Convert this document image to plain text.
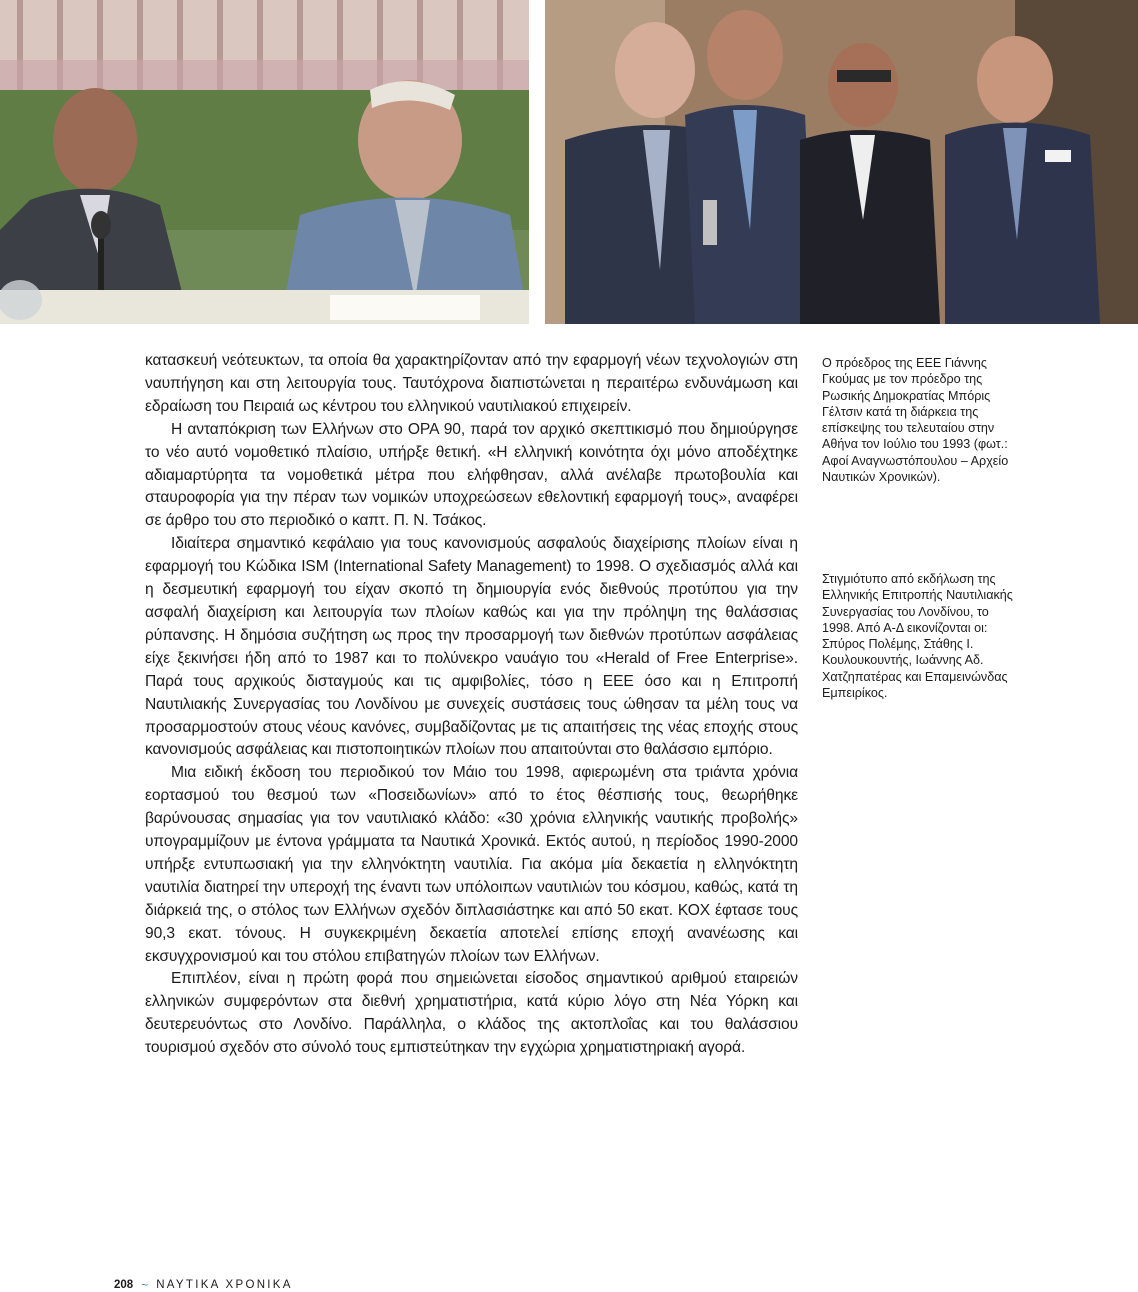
κατασκευή νεότευκτων, τα οποία θα χαρακτηρίζονταν από την εφαρμογή νέων τεχνολογιών στη ναυπήγηση και στη λειτουργία τους. Ταυτόχρονα διαπιστώνεται η περαιτέρω ενδυνάμωση και εδραίωση του Πειραιά ως κέντρου του ελληνικού ναυτιλιακού επιχειρείν.

Η ανταπόκριση των Ελλήνων στο ΟΡΑ 90, παρά τον αρχικό σκεπτικισμό που δημιούργησε το νέο αυτό νομοθετικό πλαίσιο, υπήρξε θετική. «Η ελληνική κοινότητα όχι μόνο αποδέχτηκε αδιαμαρτύρητα τα νομοθετικά μέτρα που ελήφθησαν, αλλά ανέλαβε πρωτοβουλία και σταυροφορία για την πέραν των νομικών υποχρεώσεων εθελοντική εφαρμογή τους», αναφέρει σε άρθρο του στο περιοδικό ο καπτ. Π. Ν. Τσάκος.

Ιδιαίτερα σημαντικό κεφάλαιο για τους κανονισμούς ασφαλούς διαχείρισης πλοίων είναι η εφαρμογή του Κώδικα ISM (International Safety Management) το 1998. Ο σχεδιασμός αλλά και η δεσμευτική εφαρμογή του είχαν σκοπό τη δημιουργία ενός διεθνούς προτύπου για την ασφαλή διαχείριση και λειτουργία των πλοίων καθώς και για την πρόληψη της θαλάσσιας ρύπανσης. Η δημόσια συζήτηση ως προς την προσαρμογή των διεθνών προτύπων ασφάλειας είχε ξεκινήσει ήδη από το 1987 και το πολύνεκρο ναυάγιο του «Herald of Free Enterprise». Παρά τους αρχικούς δισταγμούς και τις αμφιβολίες, τόσο η ΕΕΕ όσο και η Επιτροπή Ναυτιλιακής Συνεργασίας του Λονδίνου με συνεχείς συστάσεις τους ώθησαν τα μέλη τους να προσαρμοστούν στους νέους κανόνες, συμβαδίζοντας με τις απαιτήσεις της νέας εποχής στους κανονισμούς ασφάλειας και πιστοποιητικών πλοίων που απαιτούνται στο θαλάσσιο εμπόριο.

Μια ειδική έκδοση του περιοδικού τον Μάιο του 1998, αφιερωμένη στα τριάντα χρόνια εορτασμού του θεσμού των «Ποσειδωνίων» από το έτος θέσπισής τους, θεωρήθηκε βαρύνουσας σημασίας για τον ναυτιλιακό κλάδο: «30 χρόνια ελληνικής ναυτικής προβολής» υπογραμμίζουν με έντονα γράμματα τα Ναυτικά Χρονικά. Εκτός αυτού, η περίοδος 1990-2000 υπήρξε εντυπωσιακή για την ελληνόκτητη ναυτιλία. Για ακόμα μία δεκαετία η ελληνόκτητη ναυτιλία διατηρεί την υπεροχή της έναντι των υπόλοιπων ναυτιλιών του κόσμου, καθώς, κατά τη διάρκειά της, ο στόλος των Ελλήνων σχεδόν διπλασιάστηκε και από 50 εκατ. ΚΟΧ έφτασε τους 90,3 εκατ. τόνους. Η συγκεκριμένη δεκαετία αποτελεί επίσης εποχή ανανέωσης και εκσυγχρονισμού και του στόλου επιβατηγών πλοίων των Ελλήνων.

Επιπλέον, είναι η πρώτη φορά που σημειώνεται είσοδος σημαντικού αριθμού εταιρειών ελληνικών συμφερόντων στα διεθνή χρηματιστήρια, κατά κύριο λόγο στη Νέα Υόρκη και δευτερευόντως στο Λονδίνο. Παράλληλα, ο κλάδος της ακτοπλοΐας και του θαλάσσιου τουρισμού σχεδόν στο σύνολό τους εμπιστεύτηκαν την εγχώρια χρηματιστηριακή αγορά.

Ο πρόεδρος της ΕΕΕ Γιάννης Γκούμας με τον πρόεδρο της Ρωσικής Δημοκρατίας Μπόρις Γέλτσιν κατά τη διάρκεια της επίσκεψης του τελευταίου στην Αθήνα τον Ιούλιο του 1993 (φωτ.: Αφοί Αναγνωστόπουλου – Αρχείο Ναυτικών Χρονικών).
Στιγμιότυπο από εκδήλωση της Ελληνικής Επιτροπής Ναυτιλιακής Συνεργασίας του Λονδίνου, το 1998. Από Α-Δ εικονίζονται οι: Σπύρος Πολέμης, Στάθης Ι. Κουλουκουντής, Ιωάννης Αδ. Χατζηπατέρας και Επαμεινώνδας Εμπειρίκος.
208 ~ ΝΑΥΤΙΚΑ ΧΡΟΝΙΚΑ
